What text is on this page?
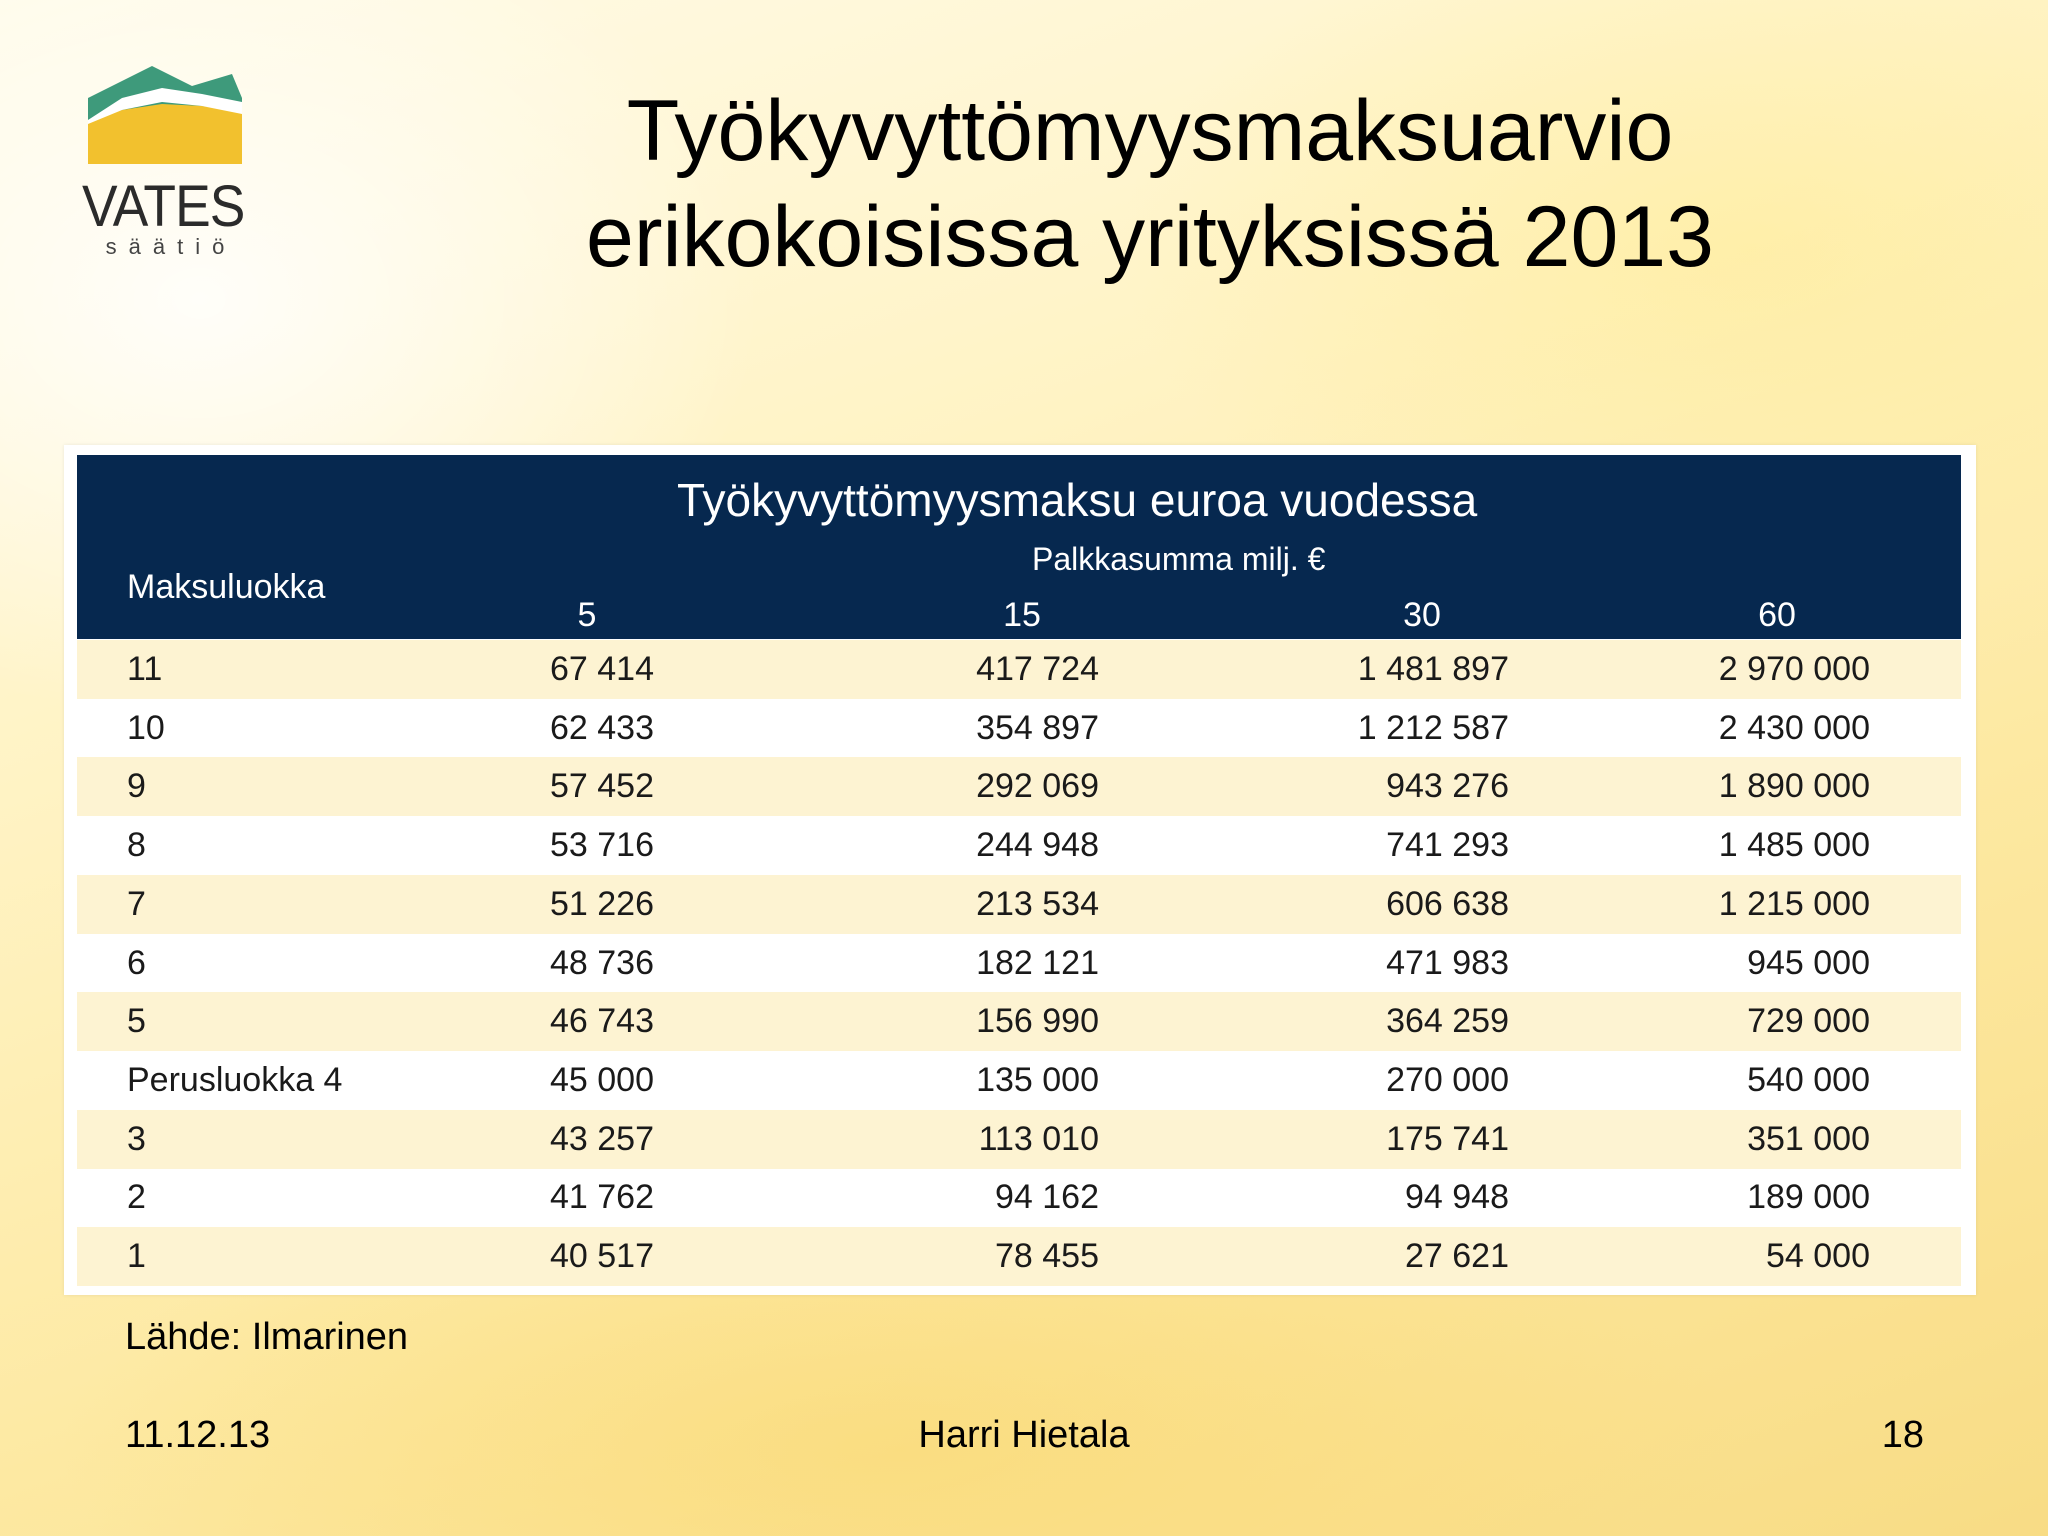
VATES
säätiö
Työkyvyttömyysmaksuarvio
erikokoisissa yrityksissä 2013
Työkyvyttömyysmaksu euroa vuodessa
Palkkasumma milj. €
Maksuluokka
5	15	30	60
11	67 414	417 724	1 481 897	2 970 000
10	62 433	354 897	1 212 587	2 430 000
9	57 452	292 069	943 276	1 890 000
8	53 716	244 948	741 293	1 485 000
7	51 226	213 534	606 638	1 215 000
6	48 736	182 121	471 983	945 000
5	46 743	156 990	364 259	729 000
Perusluokka 4	45 000	135 000	270 000	540 000
3	43 257	113 010	175 741	351 000
2	41 762	94 162	94 948	189 000
1	40 517	78 455	27 621	54 000
Lähde: Ilmarinen
11.12.13	Harri Hietala	18
